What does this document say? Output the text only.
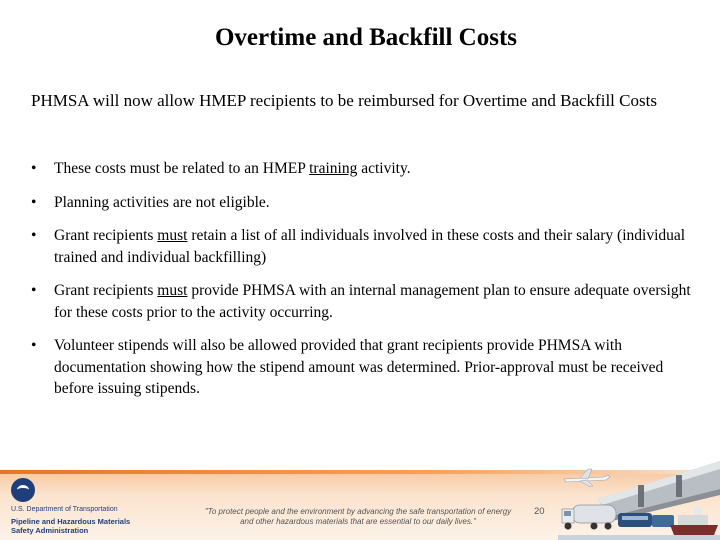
Overtime and Backfill Costs
PHMSA will now allow HMEP recipients to be reimbursed for Overtime and Backfill Costs
• These costs must be related to an HMEP training activity.
• Planning activities are not eligible.
• Grant recipients must retain a list of all individuals involved in these costs and their salary (individual trained and individual backfilling)
• Grant recipients must provide PHMSA with an internal management plan to ensure adequate oversight for these costs prior to the activity occurring.
• Volunteer stipends will also be allowed provided that grant recipients provide PHMSA with documentation showing how the stipend amount was determined. Prior-approval must be received before issuing stipends.
U.S. Department of Transportation
Pipeline and Hazardous Materials
Safety Administration
"To protect people and the environment by advancing the safe transportation of energy
and other hazardous materials that are essential to our daily lives."
20
